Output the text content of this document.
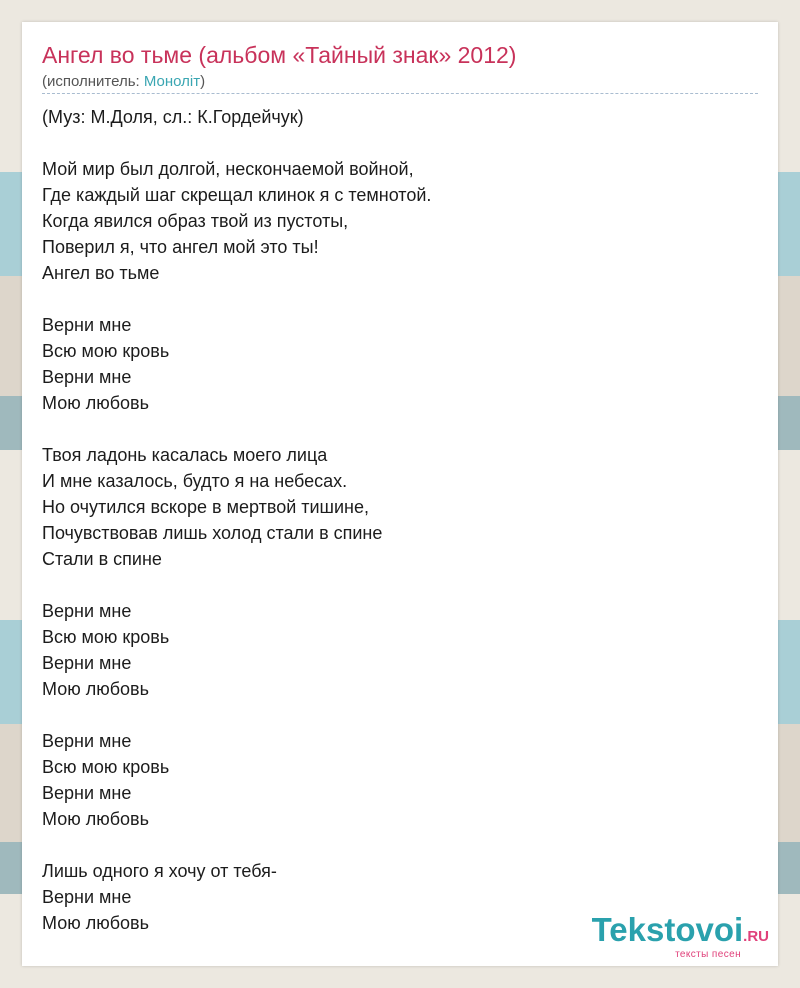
Ангел во тьме (альбом «Тайный знак» 2012)
(исполнитель: Моноліт)
(Муз: М.Доля, сл.: К.Гордейчук)
Мой мир был долгой, нескончаемой войной,
Где каждый шаг скрещал клинок я с темнотой.
Когда явился образ твой из пустоты,
Поверил я, что ангел мой это ты!
Ангел во тьме
Верни мне
Всю мою кровь
Верни мне
Мою любовь
Твоя ладонь касалась моего лица
И мне казалось, будто я на небесах.
Но очутился вскоре в мертвой тишине,
Почувствовав лишь холод стали в спине
Стали в спине
Верни мне
Всю мою кровь
Верни мне
Мою любовь
Верни мне
Всю мою кровь
Верни мне
Мою любовь
Лишь одного я хочу от тебя-
Верни мне
Мою любовь	Tekstovoi.RU
тексты песен
